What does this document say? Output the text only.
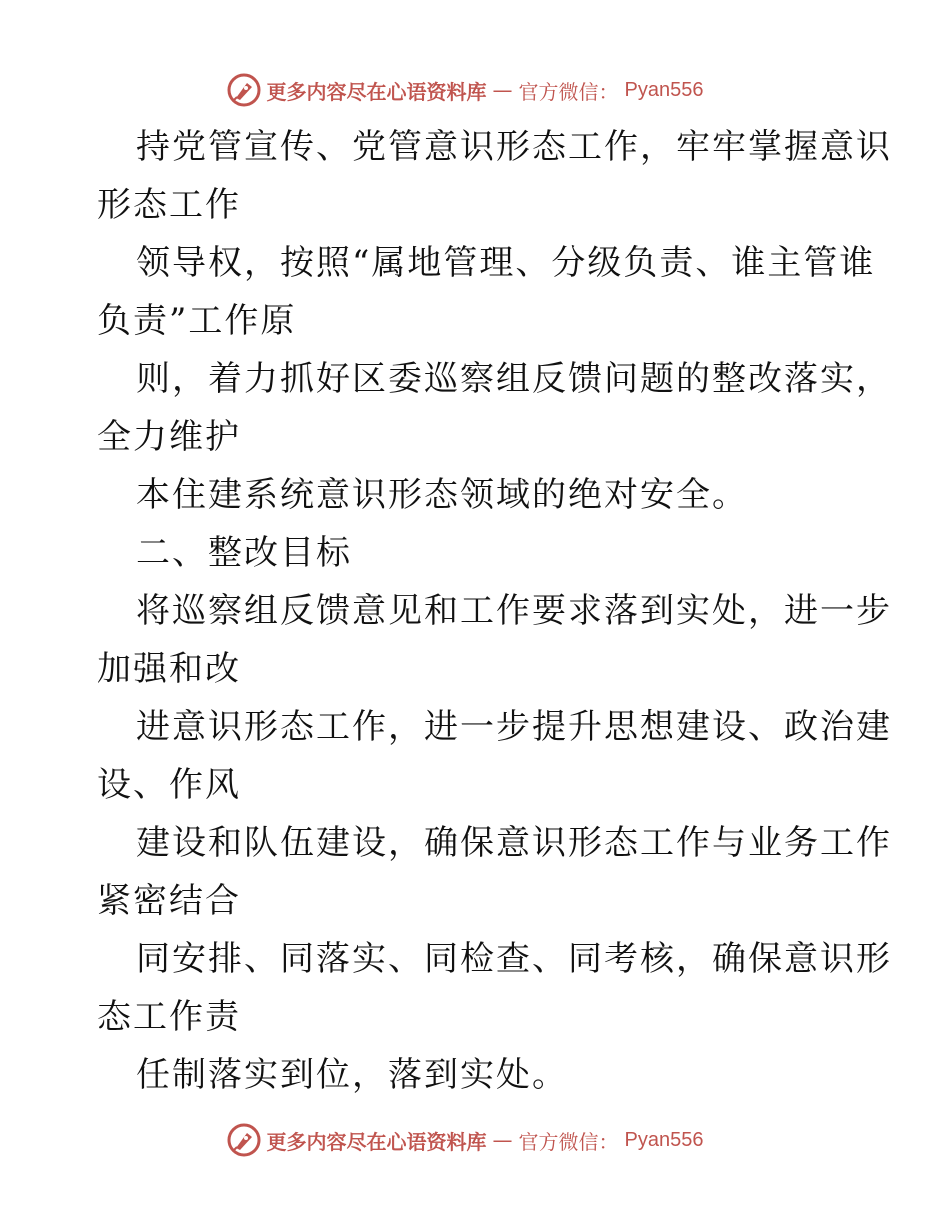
更多内容尽在心语资料库 — 官方微信： Pyan556
持党管宣传、党管意识形态工作，牢牢掌握意识
形态工作
领导权，按照“属地管理、分级负责、谁主管谁
负责”工作原
则，着力抓好区委巡察组反馈问题的整改落实，
全力维护
本住建系统意识形态领域的绝对安全。
二、整改目标
将巡察组反馈意见和工作要求落到实处，进一步
加强和改
进意识形态工作，进一步提升思想建设、政治建
设、作风
建设和队伍建设，确保意识形态工作与业务工作
紧密结合
同安排、同落实、同检查、同考核，确保意识形
态工作责
任制落实到位，落到实处。
更多内容尽在心语资料库 — 官方微信： Pyan556
